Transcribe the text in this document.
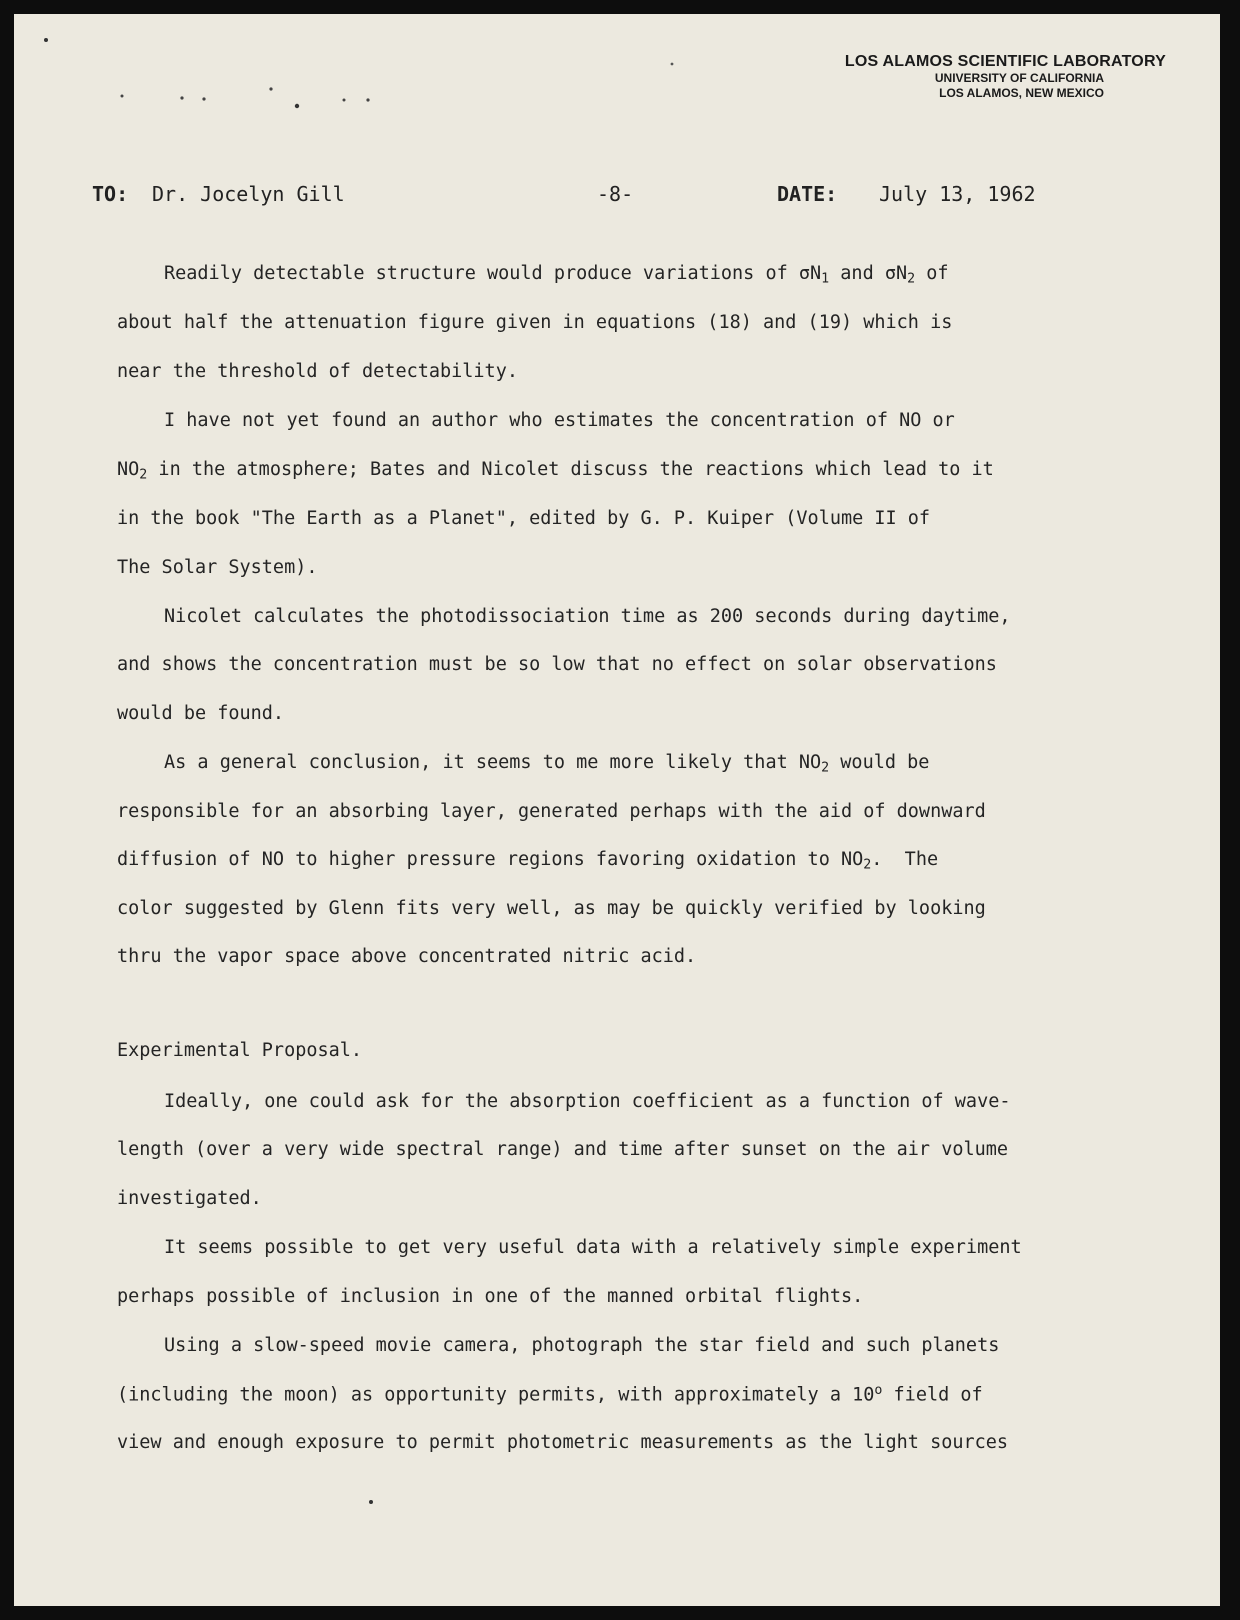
LOS ALAMOS SCIENTIFIC LABORATORY
UNIVERSITY OF CALIFORNIA
LOS ALAMOS, NEW MEXICO
TO: Dr. Jocelyn Gill	-8-	DATE: July 13, 1962
Readily detectable structure would produce variations of $\sigma N_1$ and $\sigma N_2$ of
about half the attenuation figure given in equations (18) and (19) which is
near the threshold of detectability.
I have not yet found an author who estimates the concentration of NO or
$NO_2$ in the atmosphere; Bates and Nicolet discuss the reactions which lead to it
in the book "The Earth as a Planet", edited by G. P. Kuiper (Volume II of
The Solar System).
Nicolet calculates the photodissociation time as 200 seconds during daytime,
and shows the concentration must be so low that no effect on solar observations
would be found.
As a general conclusion, it seems to me more likely that $NO_2$ would be
responsible for an absorbing layer, generated perhaps with the aid of downward
diffusion of NO to higher pressure regions favoring oxidation to $NO_2$.  The
color suggested by Glenn fits very well, as may be quickly verified by looking
thru the vapor space above concentrated nitric acid.
Experimental Proposal.
Ideally, one could ask for the absorption coefficient as a function of wave-
length (over a very wide spectral range) and time after sunset on the air volume
investigated.
It seems possible to get very useful data with a relatively simple experiment
perhaps possible of inclusion in one of the manned orbital flights.
Using a slow-speed movie camera, photograph the star field and such planets
(including the moon) as opportunity permits, with approximately a 10$^o$ field of
view and enough exposure to permit photometric measurements as the light sources
